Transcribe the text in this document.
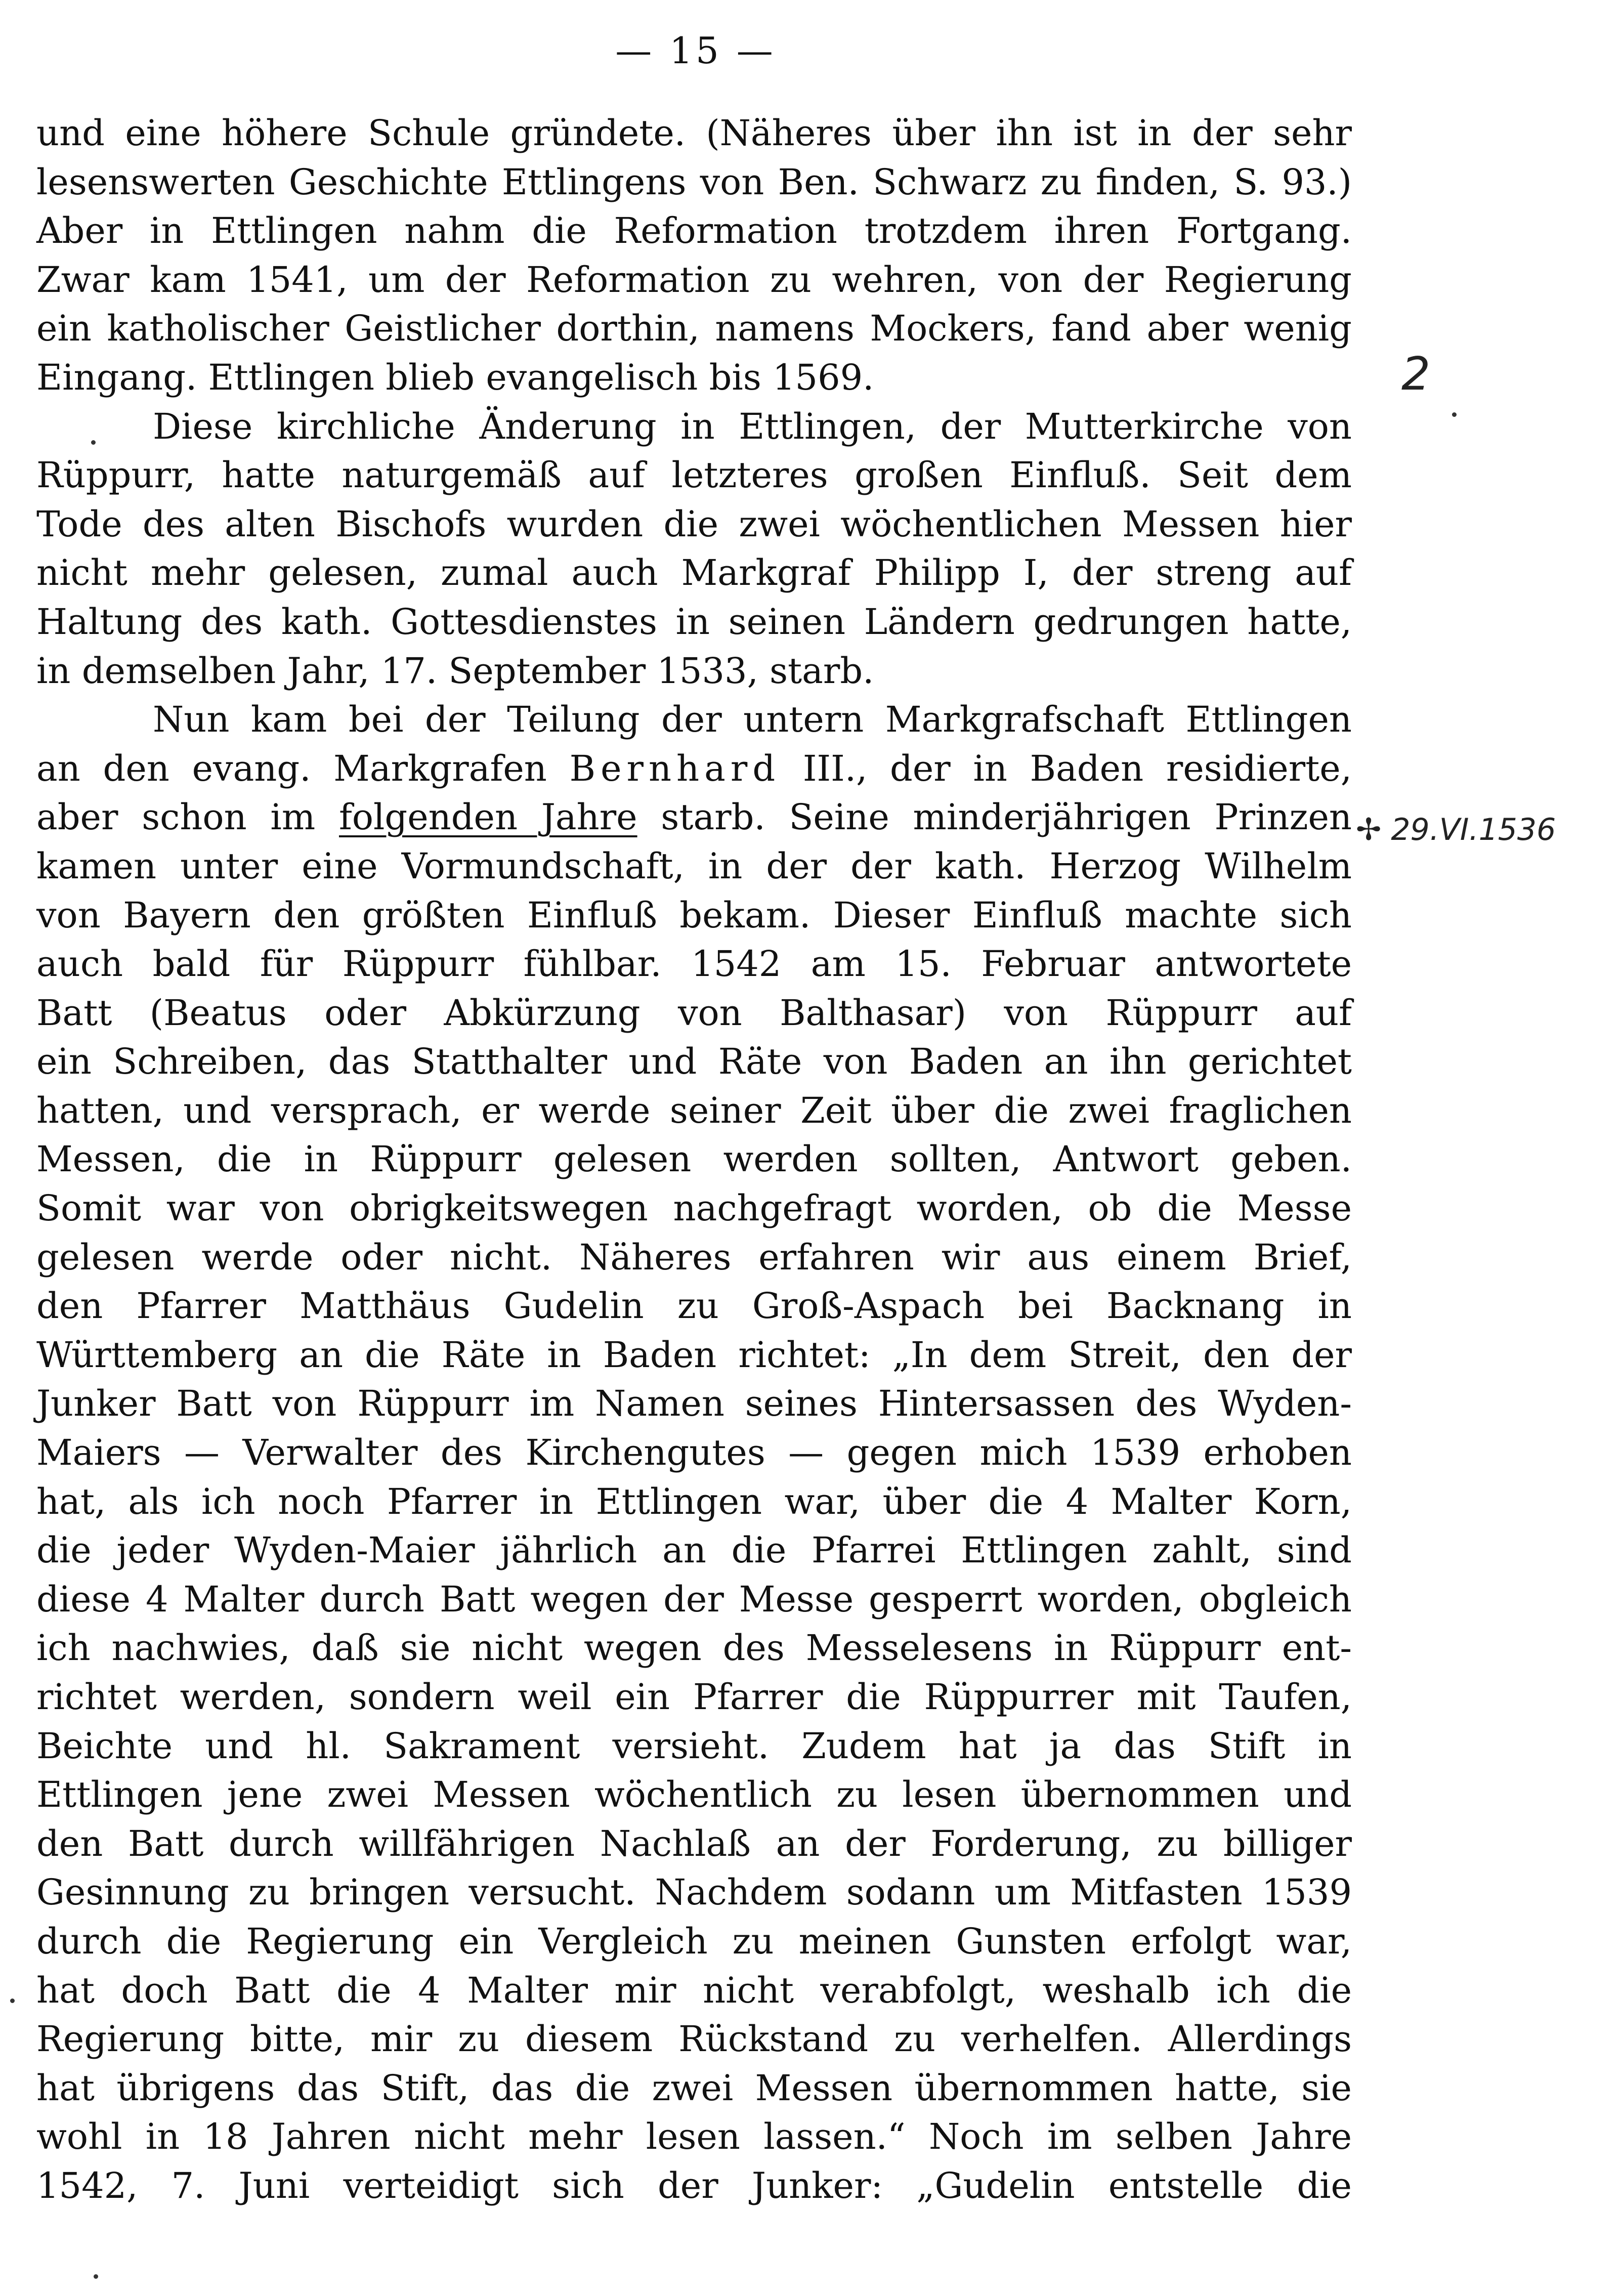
— 15 —
und eine höhere Schule gründete. (Näheres über ihn ist in der sehr
lesenswerten Geschichte Ettlingens von Ben. Schwarz zu finden, S. 93.)
Aber in Ettlingen nahm die Reformation trotzdem ihren Fortgang.
Zwar kam 1541, um der Reformation zu wehren, von der Regierung
ein katholischer Geistlicher dorthin, namens Mockers, fand aber wenig
Eingang. Ettlingen blieb evangelisch bis 1569.
Diese kirchliche Änderung in Ettlingen, der Mutterkirche von
Rüppurr, hatte naturgemäß auf letzteres großen Einfluß. Seit dem
Tode des alten Bischofs wurden die zwei wöchentlichen Messen hier
nicht mehr gelesen, zumal auch Markgraf Philipp I, der streng auf
Haltung des kath. Gottesdienstes in seinen Ländern gedrungen hatte,
in demselben Jahr, 17. September 1533, starb.
Nun kam bei der Teilung der untern Markgrafschaft Ettlingen
an den evang. Markgrafen Bernhard III., der in Baden residierte,
aber schon im folgenden Jahre starb. Seine minderjährigen Prinzen
kamen unter eine Vormundschaft, in der der kath. Herzog Wilhelm
von Bayern den größten Einfluß bekam. Dieser Einfluß machte sich
auch bald für Rüppurr fühlbar. 1542 am 15. Februar antwortete
Batt (Beatus oder Abkürzung von Balthasar) von Rüppurr auf
ein Schreiben, das Statthalter und Räte von Baden an ihn gerichtet
hatten, und versprach, er werde seiner Zeit über die zwei fraglichen
Messen, die in Rüppurr gelesen werden sollten, Antwort geben.
Somit war von obrigkeitswegen nachgefragt worden, ob die Messe
gelesen werde oder nicht. Näheres erfahren wir aus einem Brief,
den Pfarrer Matthäus Gudelin zu Groß-Aspach bei Backnang in
Württemberg an die Räte in Baden richtet: „In dem Streit, den der
Junker Batt von Rüppurr im Namen seines Hintersassen des Wyden-
Maiers — Verwalter des Kirchengutes — gegen mich 1539 erhoben
hat, als ich noch Pfarrer in Ettlingen war, über die 4 Malter Korn,
die jeder Wyden-Maier jährlich an die Pfarrei Ettlingen zahlt, sind
diese 4 Malter durch Batt wegen der Messe gesperrt worden, obgleich
ich nachwies, daß sie nicht wegen des Messelesens in Rüppurr ent-
richtet werden, sondern weil ein Pfarrer die Rüppurrer mit Taufen,
Beichte und hl. Sakrament versieht. Zudem hat ja das Stift in
Ettlingen jene zwei Messen wöchentlich zu lesen übernommen und
den Batt durch willfährigen Nachlaß an der Forderung, zu billiger
Gesinnung zu bringen versucht. Nachdem sodann um Mitfasten 1539
durch die Regierung ein Vergleich zu meinen Gunsten erfolgt war,
hat doch Batt die 4 Malter mir nicht verabfolgt, weshalb ich die
Regierung bitte, mir zu diesem Rückstand zu verhelfen. Allerdings
hat übrigens das Stift, das die zwei Messen übernommen hatte, sie
wohl in 18 Jahren nicht mehr lesen lassen.“ Noch im selben Jahre
1542, 7. Juni verteidigt sich der Junker: „Gudelin entstelle die
2
✢ 29.VI.1536
